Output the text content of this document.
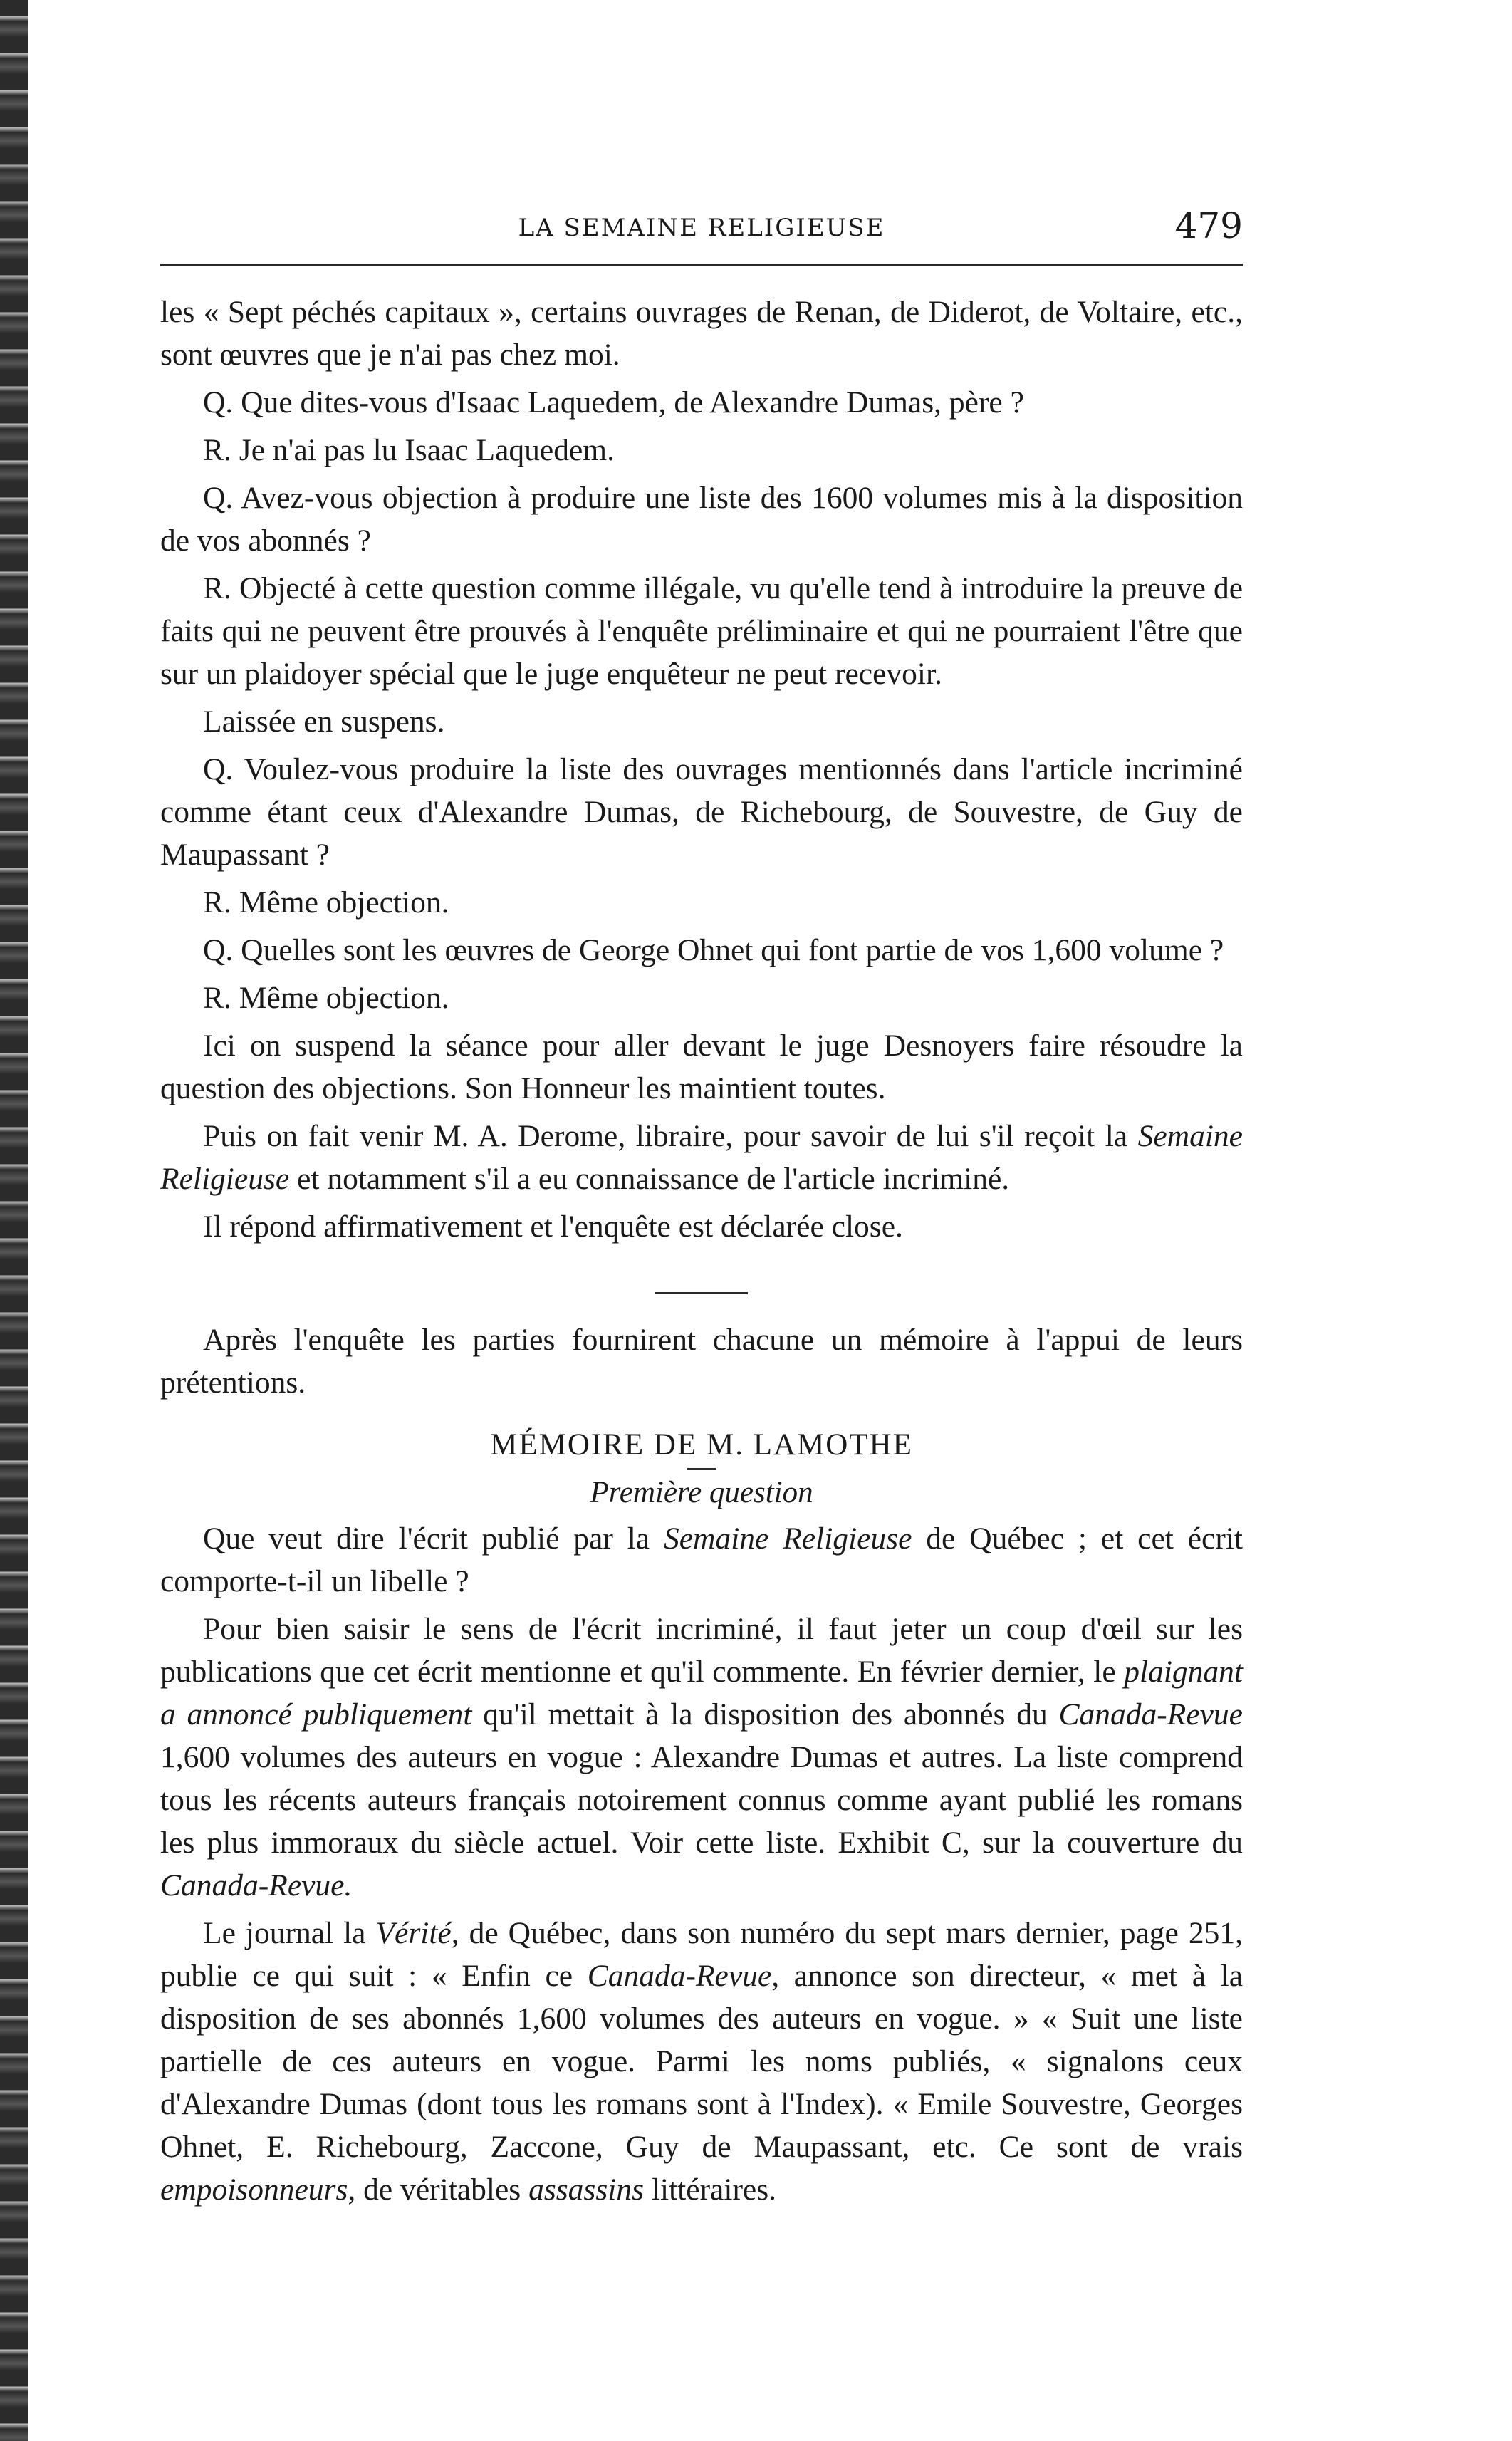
LA SEMAINE RELIGIEUSE	479

les « Sept péchés capitaux », certains ouvrages de Renan, de Diderot, de Voltaire, etc., sont œuvres que je n'ai pas chez moi.

Q. Que dites-vous d'Isaac Laquedem, de Alexandre Dumas, père ?

R. Je n'ai pas lu Isaac Laquedem.

Q. Avez-vous objection à produire une liste des 1600 volumes mis à la disposition de vos abonnés ?

R. Objecté à cette question comme illégale, vu qu'elle tend à introduire la preuve de faits qui ne peuvent être prouvés à l'enquête préliminaire et qui ne pourraient l'être que sur un plaidoyer spécial que le juge enquêteur ne peut recevoir.

Laissée en suspens.

Q. Voulez-vous produire la liste des ouvrages mentionnés dans l'article incriminé comme étant ceux d'Alexandre Dumas, de Richebourg, de Souvestre, de Guy de Maupassant ?

R. Même objection.

Q. Quelles sont les œuvres de George Ohnet qui font partie de vos 1,600 volume ?

R. Même objection.

Ici on suspend la séance pour aller devant le juge Desnoyers faire résoudre la question des objections. Son Honneur les maintient toutes.

Puis on fait venir M. A. Derome, libraire, pour savoir de lui s'il reçoit la Semaine Religieuse et notamment s'il a eu connaissance de l'article incriminé.

Il répond affirmativement et l'enquête est déclarée close.

Après l'enquête les parties fournirent chacune un mémoire à l'appui de leurs prétentions.

MÉMOIRE DE M. LAMOTHE
Première question

Que veut dire l'écrit publié par la Semaine Religieuse de Québec ; et cet écrit comporte-t-il un libelle ?

Pour bien saisir le sens de l'écrit incriminé, il faut jeter un coup d'œil sur les publications que cet écrit mentionne et qu'il commente. En février dernier, le plaignant a annoncé publiquement qu'il mettait à la disposition des abonnés du Canada-Revue 1,600 volumes des auteurs en vogue : Alexandre Dumas et autres. La liste comprend tous les récents auteurs français notoirement connus comme ayant publié les romans les plus immoraux du siècle actuel. Voir cette liste. Exhibit C, sur la couverture du Canada-Revue.

Le journal la Vérité, de Québec, dans son numéro du sept mars dernier, page 251, publie ce qui suit : « Enfin ce Canada-Revue, annonce son directeur, « met à la disposition de ses abonnés 1,600 volumes des auteurs en vogue. » « Suit une liste partielle de ces auteurs en vogue. Parmi les noms publiés, « signalons ceux d'Alexandre Dumas (dont tous les romans sont à l'Index). « Emile Souvestre, Georges Ohnet, E. Richebourg, Zaccone, Guy de Maupassant, etc. Ce sont de vrais empoisonneurs, de véritables assassins littéraires.
